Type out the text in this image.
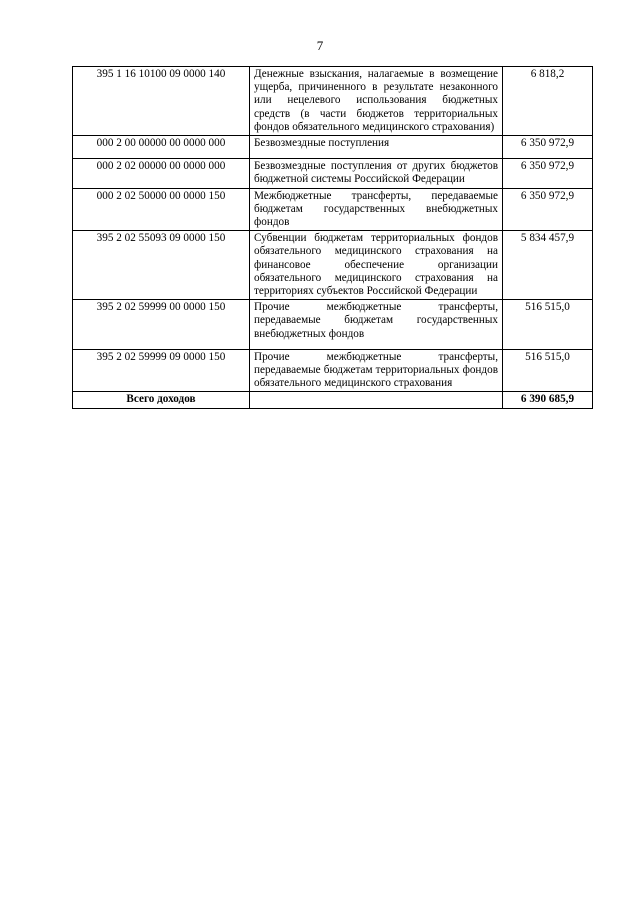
7
395 1 16 10100 09 0000 140	Денежные взыскания, налагаемые в возмещение ущерба, причиненного в результате незаконного или нецелевого использования бюджетных средств (в части бюджетов территориальных фондов обязательного медицинского страхования)	6 818,2
000 2 00 00000 00 0000 000	Безвозмездные поступления	6 350 972,9
000 2 02 00000 00 0000 000	Безвозмездные поступления от других бюджетов бюджетной системы Российской Федерации	6 350 972,9
000 2 02 50000 00 0000 150	Межбюджетные трансферты, передаваемые бюджетам государственных внебюджетных фондов	6 350 972,9
395 2 02 55093 09 0000 150	Субвенции бюджетам территориальных фондов обязательного медицинского страхования на финансовое обеспечение организации обязательного медицинского страхования на территориях субъектов Российской Федерации	5 834 457,9
395 2 02 59999 00 0000 150	Прочие межбюджетные трансферты, передаваемые бюджетам государственных внебюджетных фондов	516 515,0
395 2 02 59999 09 0000 150	Прочие межбюджетные трансферты, передаваемые бюджетам территориальных фондов обязательного медицинского страхования	516 515,0
Всего доходов		6 390 685,9
